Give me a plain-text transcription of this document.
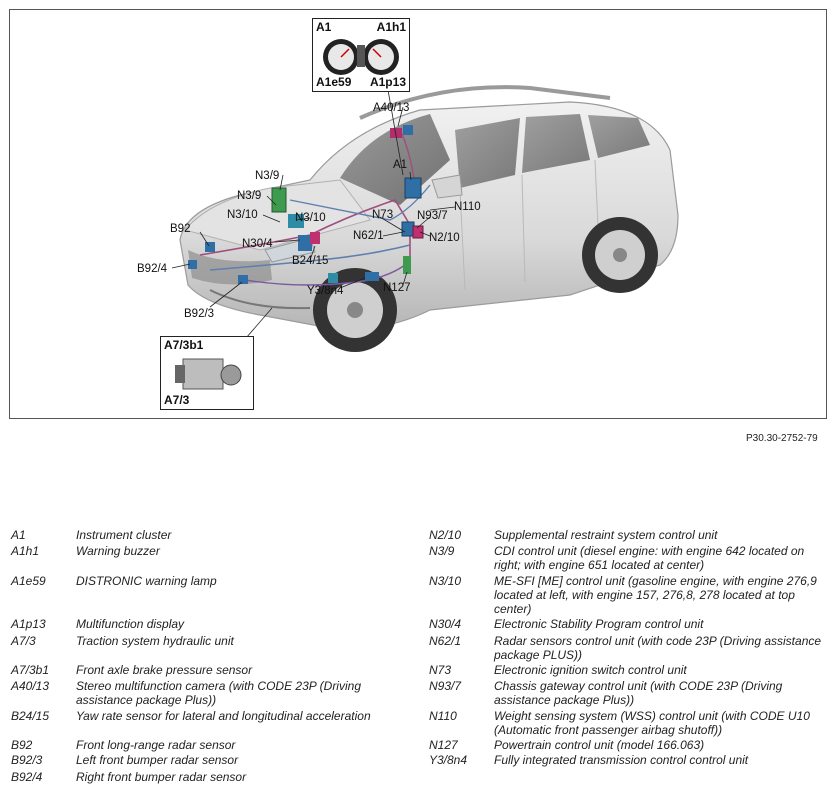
A1	A1h1
A1e59 A1p13
A7/3b1
A7/3
A40/13
A1
N3/9
N3/9
N3/10	N3/10	N73 N93/7
N110
N62/1	N2/10
B92
N30/4
B24/15
B92/4
Y3/8n4	N127
B92/3
P30.30-2752-79
A1	Instrument cluster
A1h1	Warning buzzer
A1e59	DISTRONIC warning lamp
A1p13	Multifunction display
A7/3	Traction system hydraulic unit
A7/3b1 Front axle brake pressure sensor
A40/13 Stereo multifunction camera (with CODE 23P (Driving assistance package Plus))
B24/15 Yaw rate sensor for lateral and longitudinal acceleration
B92	Front long-range radar sensor
B92/3	Left front bumper radar sensor
B92/4	Right front bumper radar sensor
N2/10	Supplemental restraint system control unit
N3/9	CDI control unit (diesel engine: with engine 642 located on right; with engine 651 located at center)
N3/10	ME-SFI [ME] control unit (gasoline engine, with engine 276,9 located at left, with engine 157, 276,8, 278 located at top center)
N30/4	Electronic Stability Program control unit
N62/1	Radar sensors control unit (with code 23P (Driving assistance package PLUS))
N73	Electronic ignition switch control unit
N93/7	Chassis gateway control unit (with CODE 23P (Driving assistance package Plus))
N110	Weight sensing system (WSS) control unit (with CODE U10 (Automatic front passenger airbag shutoff))
N127	Powertrain control unit (model 166.063)
Y3/8n4 Fully integrated transmission control control unit
